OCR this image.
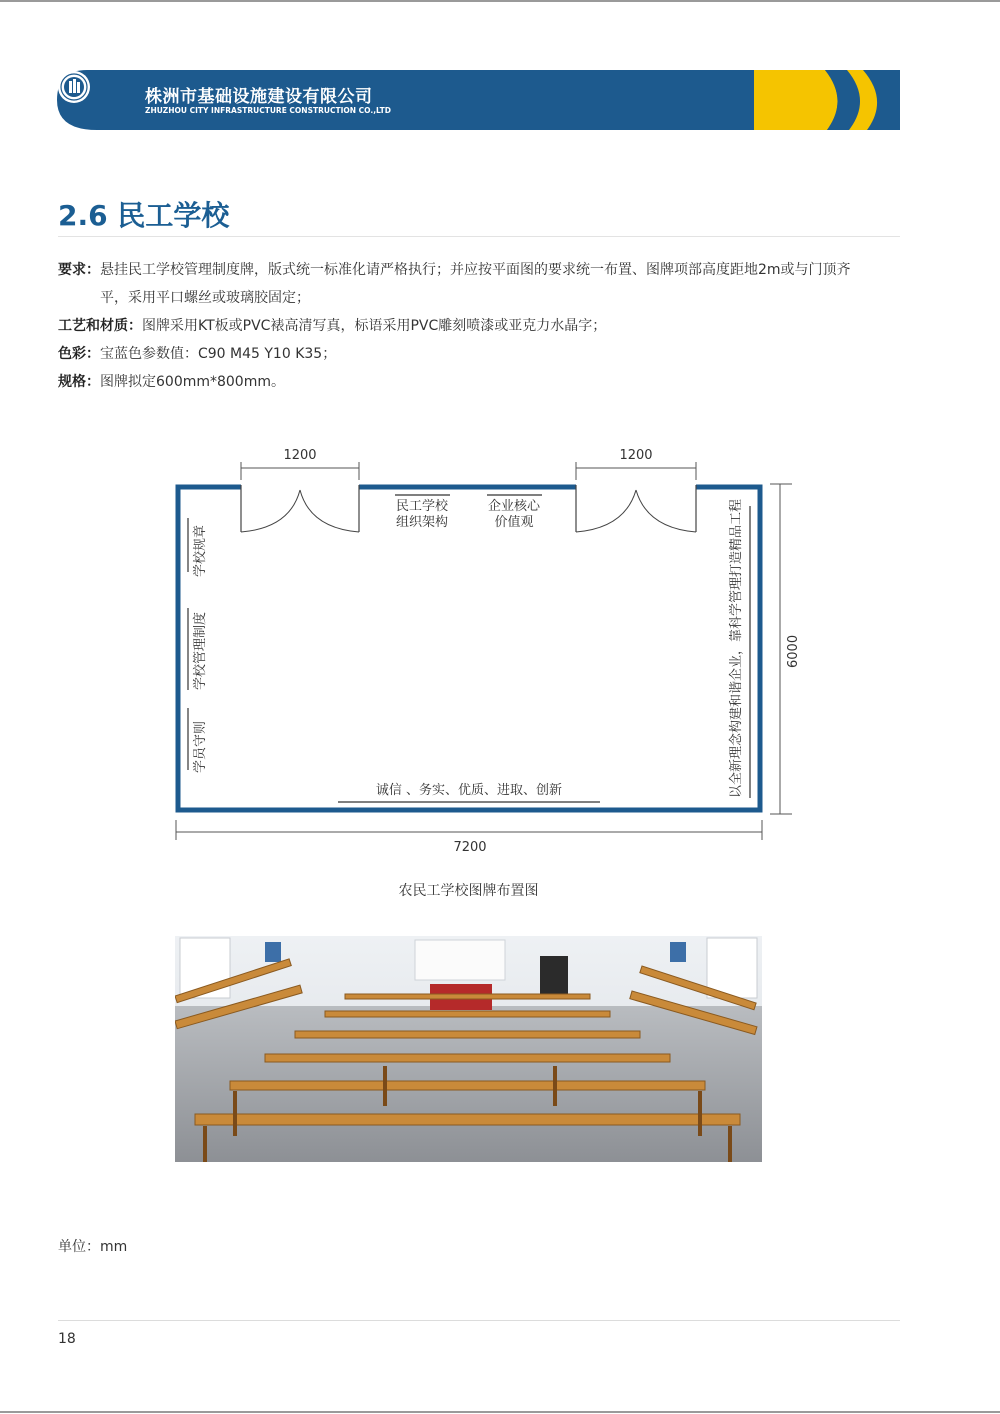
株洲市基础设施建设有限公司
ZHUZHOU CITY INFRASTRUCTURE CONSTRUCTION CO.,LTD
2.6 民工学校
要求：悬挂民工学校管理制度牌，版式统一标准化请严格执行；并应按平面图的要求统一布置、图牌项部高度距地2m或与门顶齐
平，采用平口螺丝或玻璃胶固定；
工艺和材质：图牌采用KT板或PVC裱高清写真，标语采用PVC雕刻喷漆或亚克力水晶字；
色彩：宝蓝色参数值：C90 M45 Y10 K35；
规格：图牌拟定600mm*800mm。
1200	1200
民工学校
组织架构
企业核心
价值观
学校规章
学校管理制度
学员守则	以全新理念构建和谐企业，靠科学管理打造精品工程	6000
诚信 、务实、优质、进取、创新
7200
农民工学校图牌布置图
单位：mm
18
